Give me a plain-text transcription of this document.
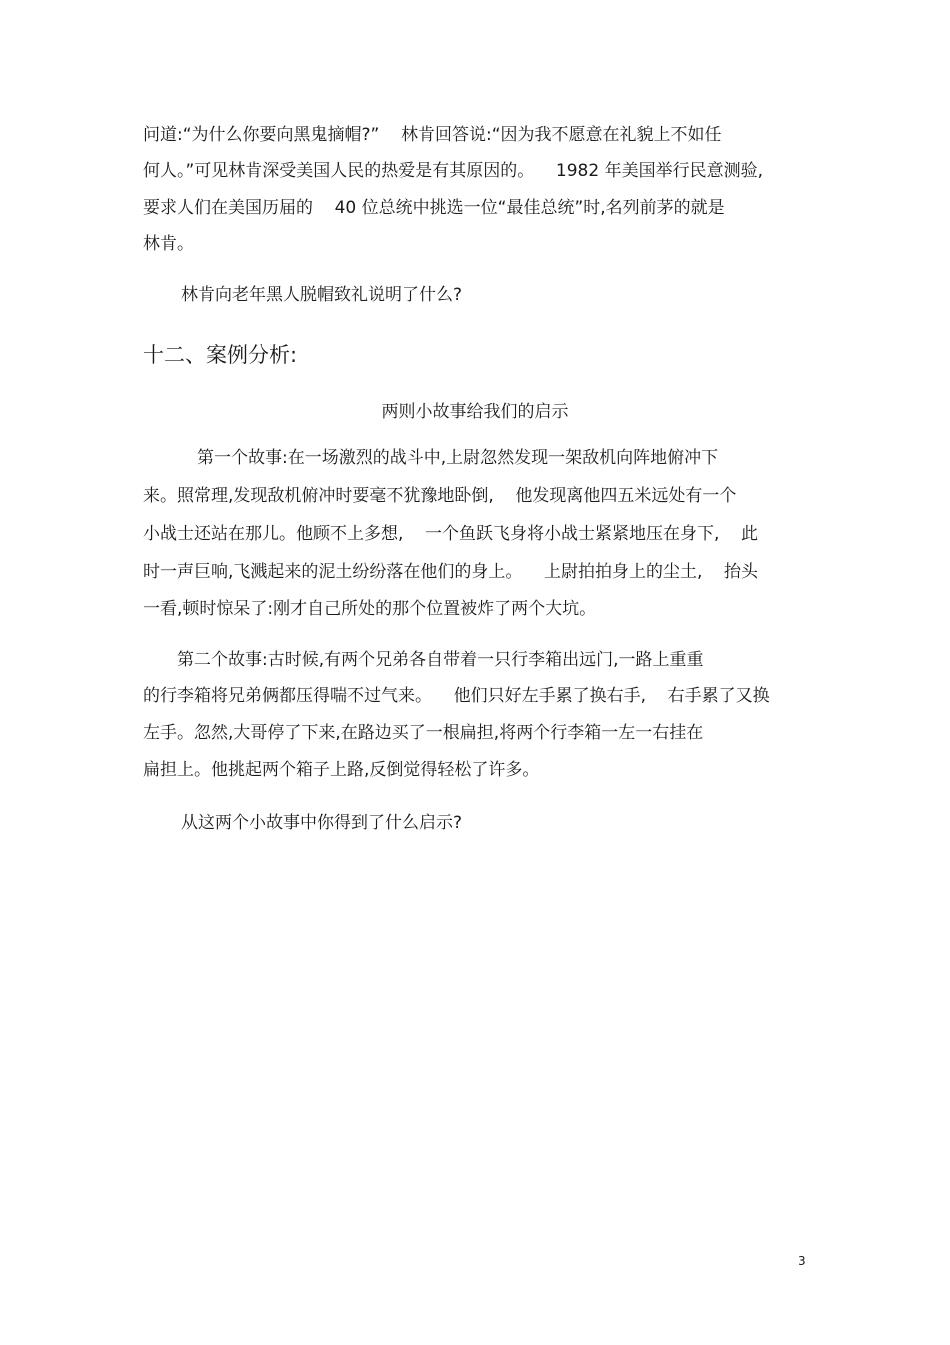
问道:“为什么你要向黑鬼摘帽?”    林肯回答说:“因为我不愿意在礼貌上不如任
何人。”可见林肯深受美国人民的热爱是有其原因的。    1982 年美国举行民意测验,
要求人们在美国历届的    40 位总统中挑选一位“最佳总统”时,名列前茅的就是
林肯。
林肯向老年黑人脱帽致礼说明了什么?
十二、案例分析:
两则小故事给我们的启示
第一个故事:在一场激烈的战斗中,上尉忽然发现一架敌机向阵地俯冲下
来。照常理,发现敌机俯冲时要毫不犹豫地卧倒,    他发现离他四五米远处有一个
小战士还站在那儿。他顾不上多想,    一个鱼跃飞身将小战士紧紧地压在身下,    此
时一声巨响,飞溅起来的泥土纷纷落在他们的身上。    上尉拍拍身上的尘土,    抬头
一看,顿时惊呆了:刚才自己所处的那个位置被炸了两个大坑。
第二个故事:古时候,有两个兄弟各自带着一只行李箱出远门,一路上重重
的行李箱将兄弟俩都压得喘不过气来。    他们只好左手累了换右手,    右手累了又换
左手。忽然,大哥停了下来,在路边买了一根扁担,将两个行李箱一左一右挂在
扁担上。他挑起两个箱子上路,反倒觉得轻松了许多。
从这两个小故事中你得到了什么启示?
3
